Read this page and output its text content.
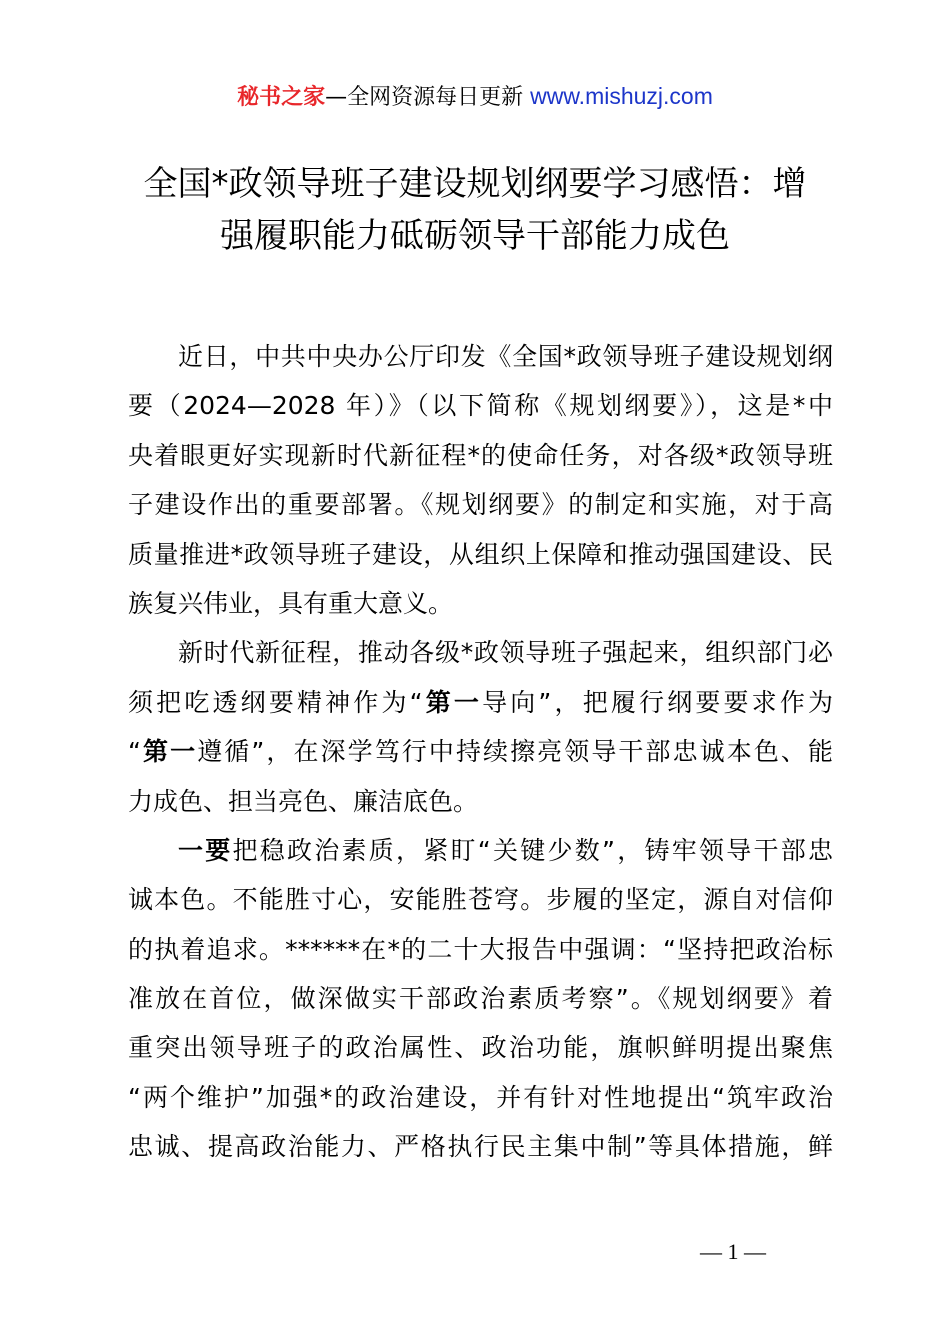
秘书之家—全网资源每日更新 www.mishuzj.com
全国*政领导班子建设规划纲要学习感悟：增
强履职能力砥砺领导干部能力成色
近日，中共中央办公厅印发《全国*政领导班子建设规划纲
要（2024—2028 年）》（以下简称《规划纲要》），这是*中
央着眼更好实现新时代新征程*的使命任务，对各级*政领导班
子建设作出的重要部署。《规划纲要》的制定和实施，对于高
质量推进*政领导班子建设，从组织上保障和推动强国建设、民
族复兴伟业，具有重大意义。
新时代新征程，推动各级*政领导班子强起来，组织部门必
须把吃透纲要精神作为“第一导向”，把履行纲要要求作为
“第一遵循”，在深学笃行中持续擦亮领导干部忠诚本色、能
力成色、担当亮色、廉洁底色。
一要把稳政治素质，紧盯“关键少数”，铸牢领导干部忠
诚本色。不能胜寸心，安能胜苍穹。步履的坚定，源自对信仰
的执着追求。******在*的二十大报告中强调：“坚持把政治标
准放在首位，做深做实干部政治素质考察”。《规划纲要》着
重突出领导班子的政治属性、政治功能，旗帜鲜明提出聚焦
“两个维护”加强*的政治建设，并有针对性地提出“筑牢政治
忠诚、提高政治能力、严格执行民主集中制”等具体措施，鲜
— 1 —
